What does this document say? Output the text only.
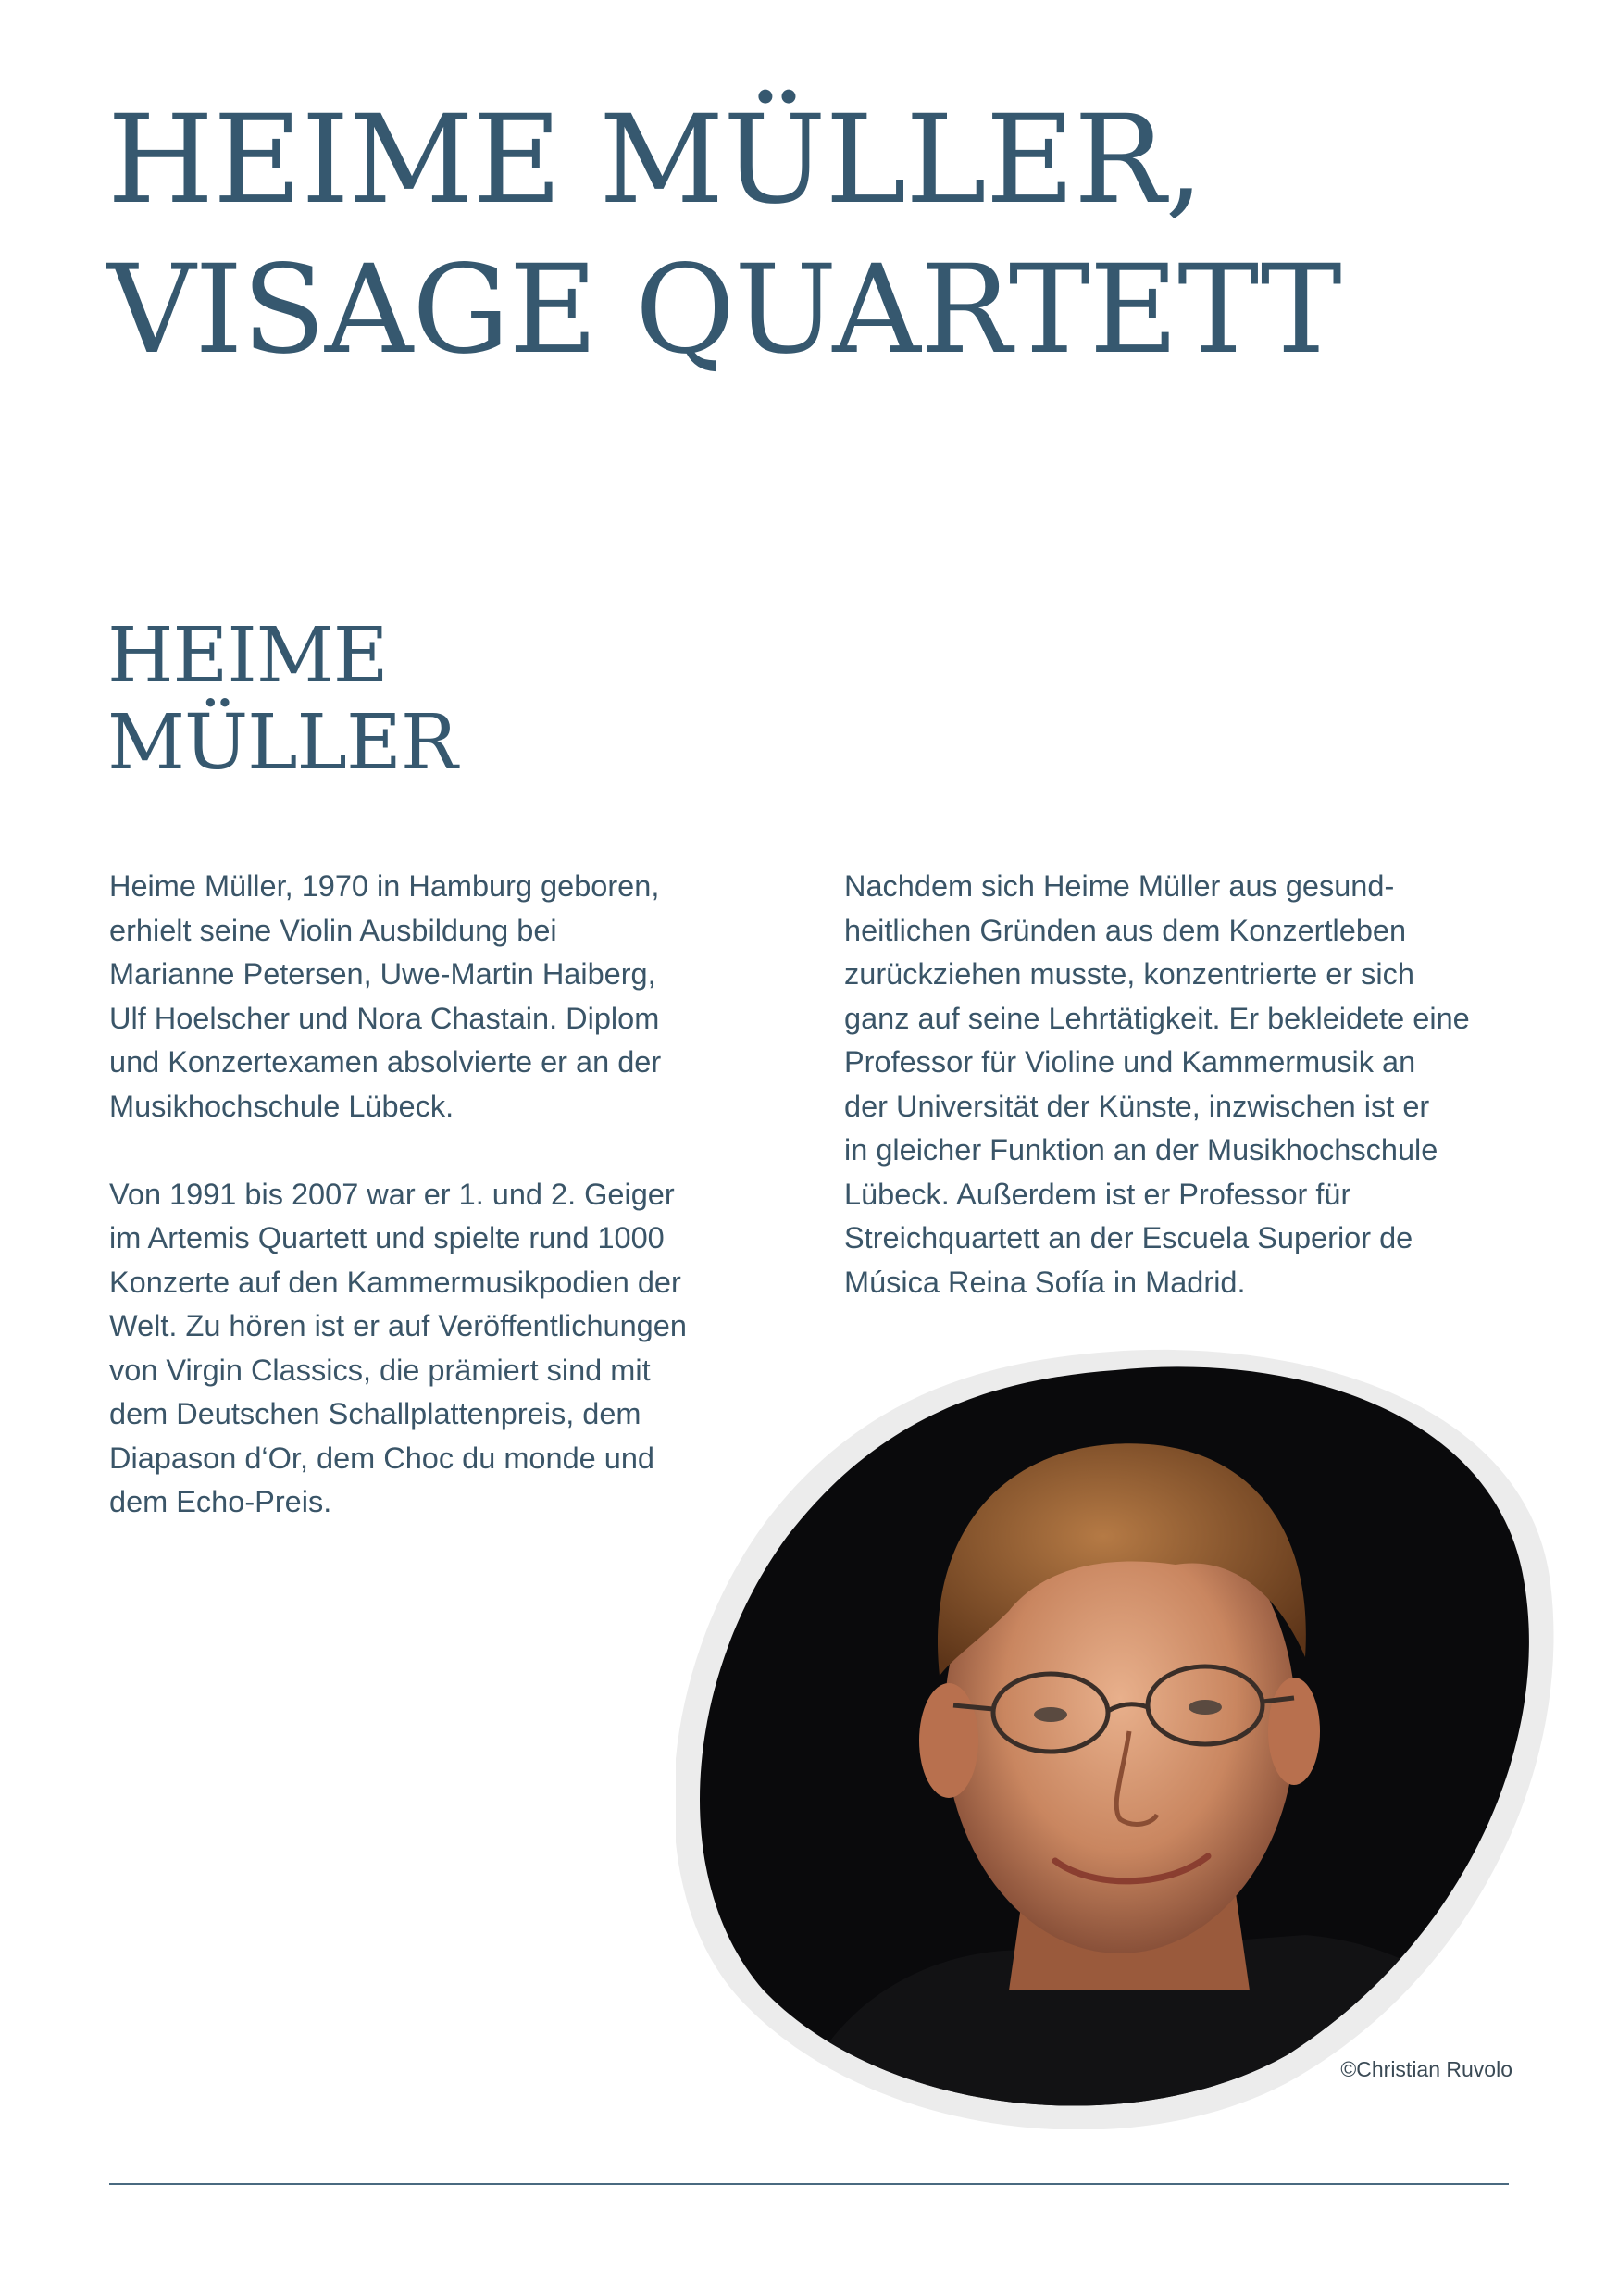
HEIME MÜLLER,
VISAGE QUARTETT
HEIME
MÜLLER

Heime Müller, 1970 in Hamburg geboren,
erhielt seine Violin Ausbildung bei
Marianne Petersen, Uwe-Martin Haiberg,
Ulf Hoelscher und Nora Chastain. Diplom
und Konzertexamen absolvierte er an der
Musikhochschule Lübeck.

Von 1991 bis 2007 war er 1. und 2. Geiger
im Artemis Quartett und spielte rund 1000
Konzerte auf den Kammermusikpodien der
Welt. Zu hören ist er auf Veröffentlichungen
von Virgin Classics, die prämiert sind mit
dem Deutschen Schallplattenpreis, dem
Diapason d‘Or, dem Choc du monde und
dem Echo-Preis.

Nachdem sich Heime Müller aus gesund-
heitlichen Gründen aus dem Konzertleben
zurückziehen musste, konzentrierte er sich
ganz auf seine Lehrtätigkeit. Er bekleidete eine
Professor für Violine und Kammermusik an
der Universität der Künste, inzwischen ist er
in gleicher Funktion an der Musikhochschule
Lübeck. Außerdem ist er Professor für
Streichquartett an der Escuela Superior de
Música Reina Sofía in Madrid.

©Christian Ruvolo
